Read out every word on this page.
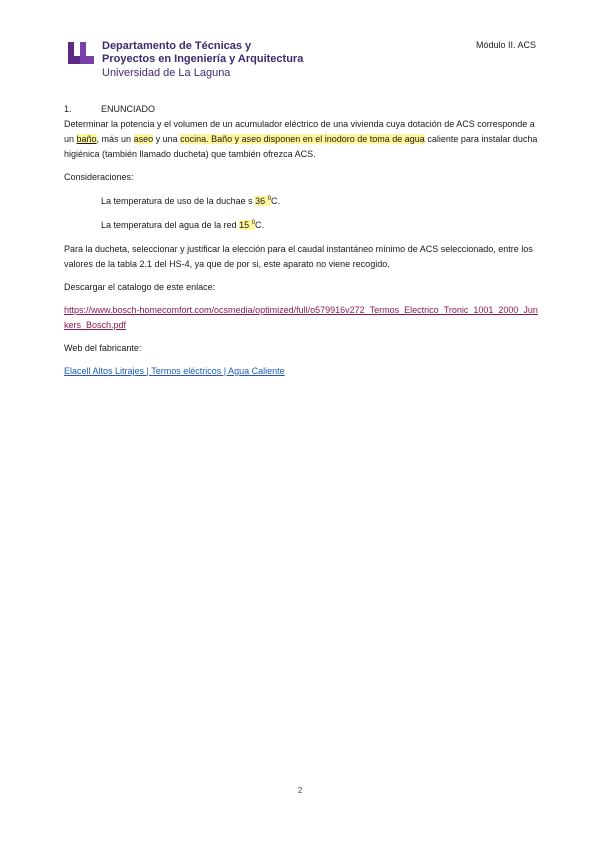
Departamento de Técnicas y
Proyectos en Ingeniería y Arquitectura
Universidad de La Laguna
Módulo II. ACS
1.	ENUNCIADO

Determinar la potencia y el volumen de un acumulador eléctrico de una vivienda cuya dotación de ACS corresponde a un baño, más un aseo y una cocina. Baño y aseo disponen en el inodoro de toma de agua caliente para instalar ducha higiénica (también llamado ducheta) que también ofrezca ACS.

Consideraciones:

La temperatura de uso de la duchae s 36 $^0$C.

La temperatura del agua de la red 15 $^0$C.

Para la ducheta, seleccionar y justificar la elección para el caudal instantáneo mínimo de ACS seleccionado, entre los valores de la tabla 2.1 del HS-4, ya que de por si, este aparato no viene recogido.

Descargar el catalogo de este enlace:

https://www.bosch-homecomfort.com/ocsmedia/optimized/full/o579916v272_Termos_Electrico_Tronic_1001_2000_Junkers_Bosch.pdf

Web del fabricante:

Elacell Altos Litrajes | Termos eléctricos | Agua Caliente

2
